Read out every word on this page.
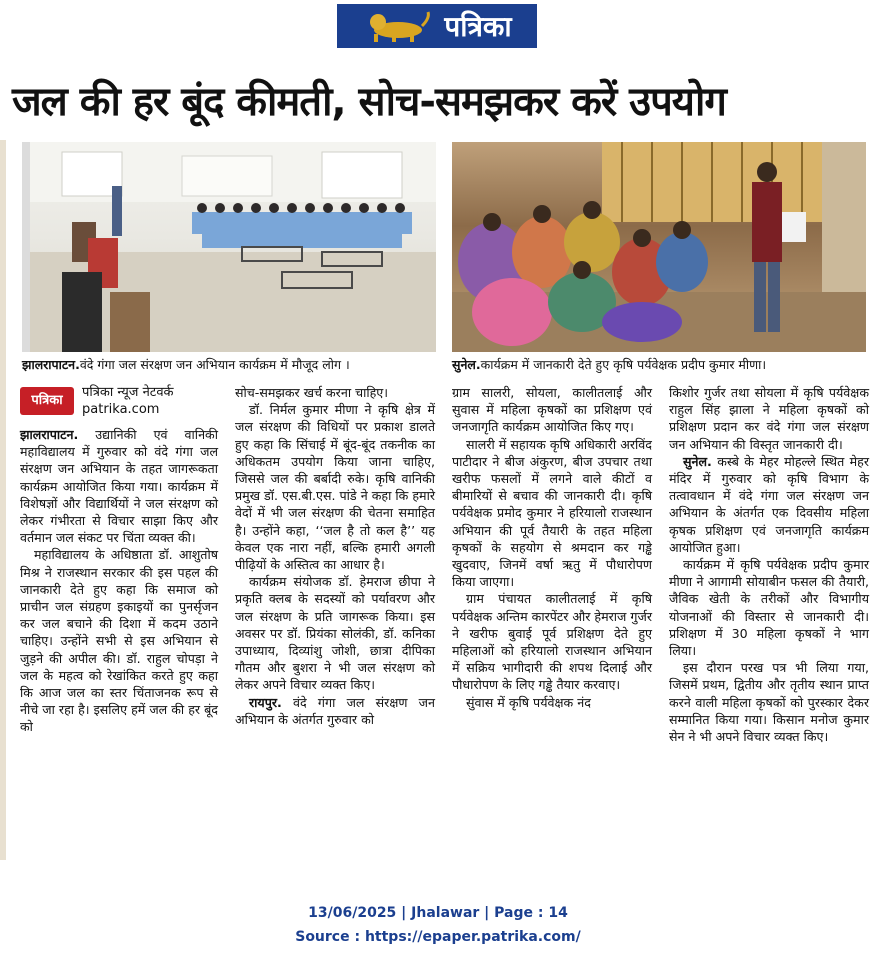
पत्रिका
जल की हर बूंद कीमती, सोच-समझकर करें उपयोग
झालरापाटन.वंदे गंगा जल संरक्षण जन अभियान कार्यक्रम में मौजूद लोग ।	सुनेल.कार्यक्रम में जानकारी देते हुए कृषि पर्यवेक्षक प्रदीप कुमार मीणा।
पत्रिका
पत्रिका न्यूज नेटवर्क
patrika.com

झालरापाटन. उद्यानिकी एवं वानिकी महाविद्यालय में गुरुवार को वंदे गंगा जल संरक्षण जन अभियान के तहत जागरूकता कार्यक्रम आयोजित किया गया। कार्यक्रम में विशेषज्ञों और विद्यार्थियों ने जल संरक्षण को लेकर गंभीरता से विचार साझा किए और वर्तमान जल संकट पर चिंता व्यक्त की।

महाविद्यालय के अधिष्ठाता डॉ. आशुतोष मिश्र ने राजस्थान सरकार की इस पहल की जानकारी देते हुए कहा कि समाज को प्राचीन जल संग्रहण इकाइयों का पुनर्सृजन कर जल बचाने की दिशा में कदम उठाने चाहिए। उन्होंने सभी से इस अभियान से जुड़ने की अपील की। डॉ. राहुल चोपड़ा ने जल के महत्व को रेखांकित करते हुए कहा कि आज जल का स्तर चिंताजनक रूप से नीचे जा रहा है। इसलिए हमें जल की हर बूंद को

सोच-समझकर खर्च करना चाहिए।

डॉ. निर्मल कुमार मीणा ने कृषि क्षेत्र में जल संरक्षण की विधियों पर प्रकाश डालते हुए कहा कि सिंचाई में बूंद-बूंद तकनीक का अधिकतम उपयोग किया जाना चाहिए, जिससे जल की बर्बादी रुके। कृषि वानिकी प्रमुख डॉ. एस.बी.एस. पांडे ने कहा कि हमारे वेदों में भी जल संरक्षण की चेतना समाहित है। उन्होंने कहा, ‘‘जल है तो कल है’’ यह केवल एक नारा नहीं, बल्कि हमारी अगली पीढ़ियों के अस्तित्व का आधार है।

कार्यक्रम संयोजक डॉ. हेमराज छीपा ने प्रकृति क्लब के सदस्यों को पर्यावरण और जल संरक्षण के प्रति जागरूक किया। इस अवसर पर डॉ. प्रियंका सोलंकी, डॉ. कनिका उपाध्याय, दिव्यांशु जोशी, छात्रा दीपिका गौतम और बुशरा ने भी जल संरक्षण को लेकर अपने विचार व्यक्त किए।

रायपुर. वंदे गंगा जल संरक्षण जन अभियान के अंतर्गत गुरुवार को

ग्राम सालरी, सोयला, कालीतलाई और सुवास में महिला कृषकों का प्रशिक्षण एवं जनजागृति कार्यक्रम आयोजित किए गए।

सालरी में सहायक कृषि अधिकारी अरविंद पाटीदार ने बीज अंकुरण, बीज उपचार तथा खरीफ फसलों में लगने वाले कीटों व बीमारियों से बचाव की जानकारी दी। कृषि पर्यवेक्षक प्रमोद कुमार ने हरियालो राजस्थान अभियान की पूर्व तैयारी के तहत महिला कृषकों के सहयोग से श्रमदान कर गड्ढे खुदवाए, जिनमें वर्षा ऋतु में पौधारोपण किया जाएगा।

ग्राम पंचायत कालीतलाई में कृषि पर्यवेक्षक अन्तिम कारपेंटर और हेमराज गुर्जर ने खरीफ बुवाई पूर्व प्रशिक्षण देते हुए महिलाओं को हरियालो राजस्थान अभियान में सक्रिय भागीदारी की शपथ दिलाई और पौधारोपण के लिए गड्ढे तैयार करवाए।

सुंवास में कृषि पर्यवेक्षक नंद

किशोर गुर्जर तथा सोयला में कृषि पर्यवेक्षक राहुल सिंह झाला ने महिला कृषकों को प्रशिक्षण प्रदान कर वंदे गंगा जल संरक्षण जन अभियान की विस्तृत जानकारी दी।

सुनेल. कस्बे के मेहर मोहल्ले स्थित मेहर मंदिर में गुरुवार को कृषि विभाग के तत्वावधान में वंदे गंगा जल संरक्षण जन अभियान के अंतर्गत एक दिवसीय महिला कृषक प्रशिक्षण एवं जनजागृति कार्यक्रम आयोजित हुआ।

कार्यक्रम में कृषि पर्यवेक्षक प्रदीप कुमार मीणा ने आगामी सोयाबीन फसल की तैयारी, जैविक खेती के तरीकों और विभागीय योजनाओं की विस्तार से जानकारी दी। प्रशिक्षण में 30 महिला कृषकों ने भाग लिया।

इस दौरान परख पत्र भी लिया गया, जिसमें प्रथम, द्वितीय और तृतीय स्थान प्राप्त करने वाली महिला कृषकों को पुरस्कार देकर सम्मानित किया गया। किसान मनोज कुमार सेन ने भी अपने विचार व्यक्त किए।

13/06/2025 | Jhalawar | Page : 14
Source : https://epaper.patrika.com/
